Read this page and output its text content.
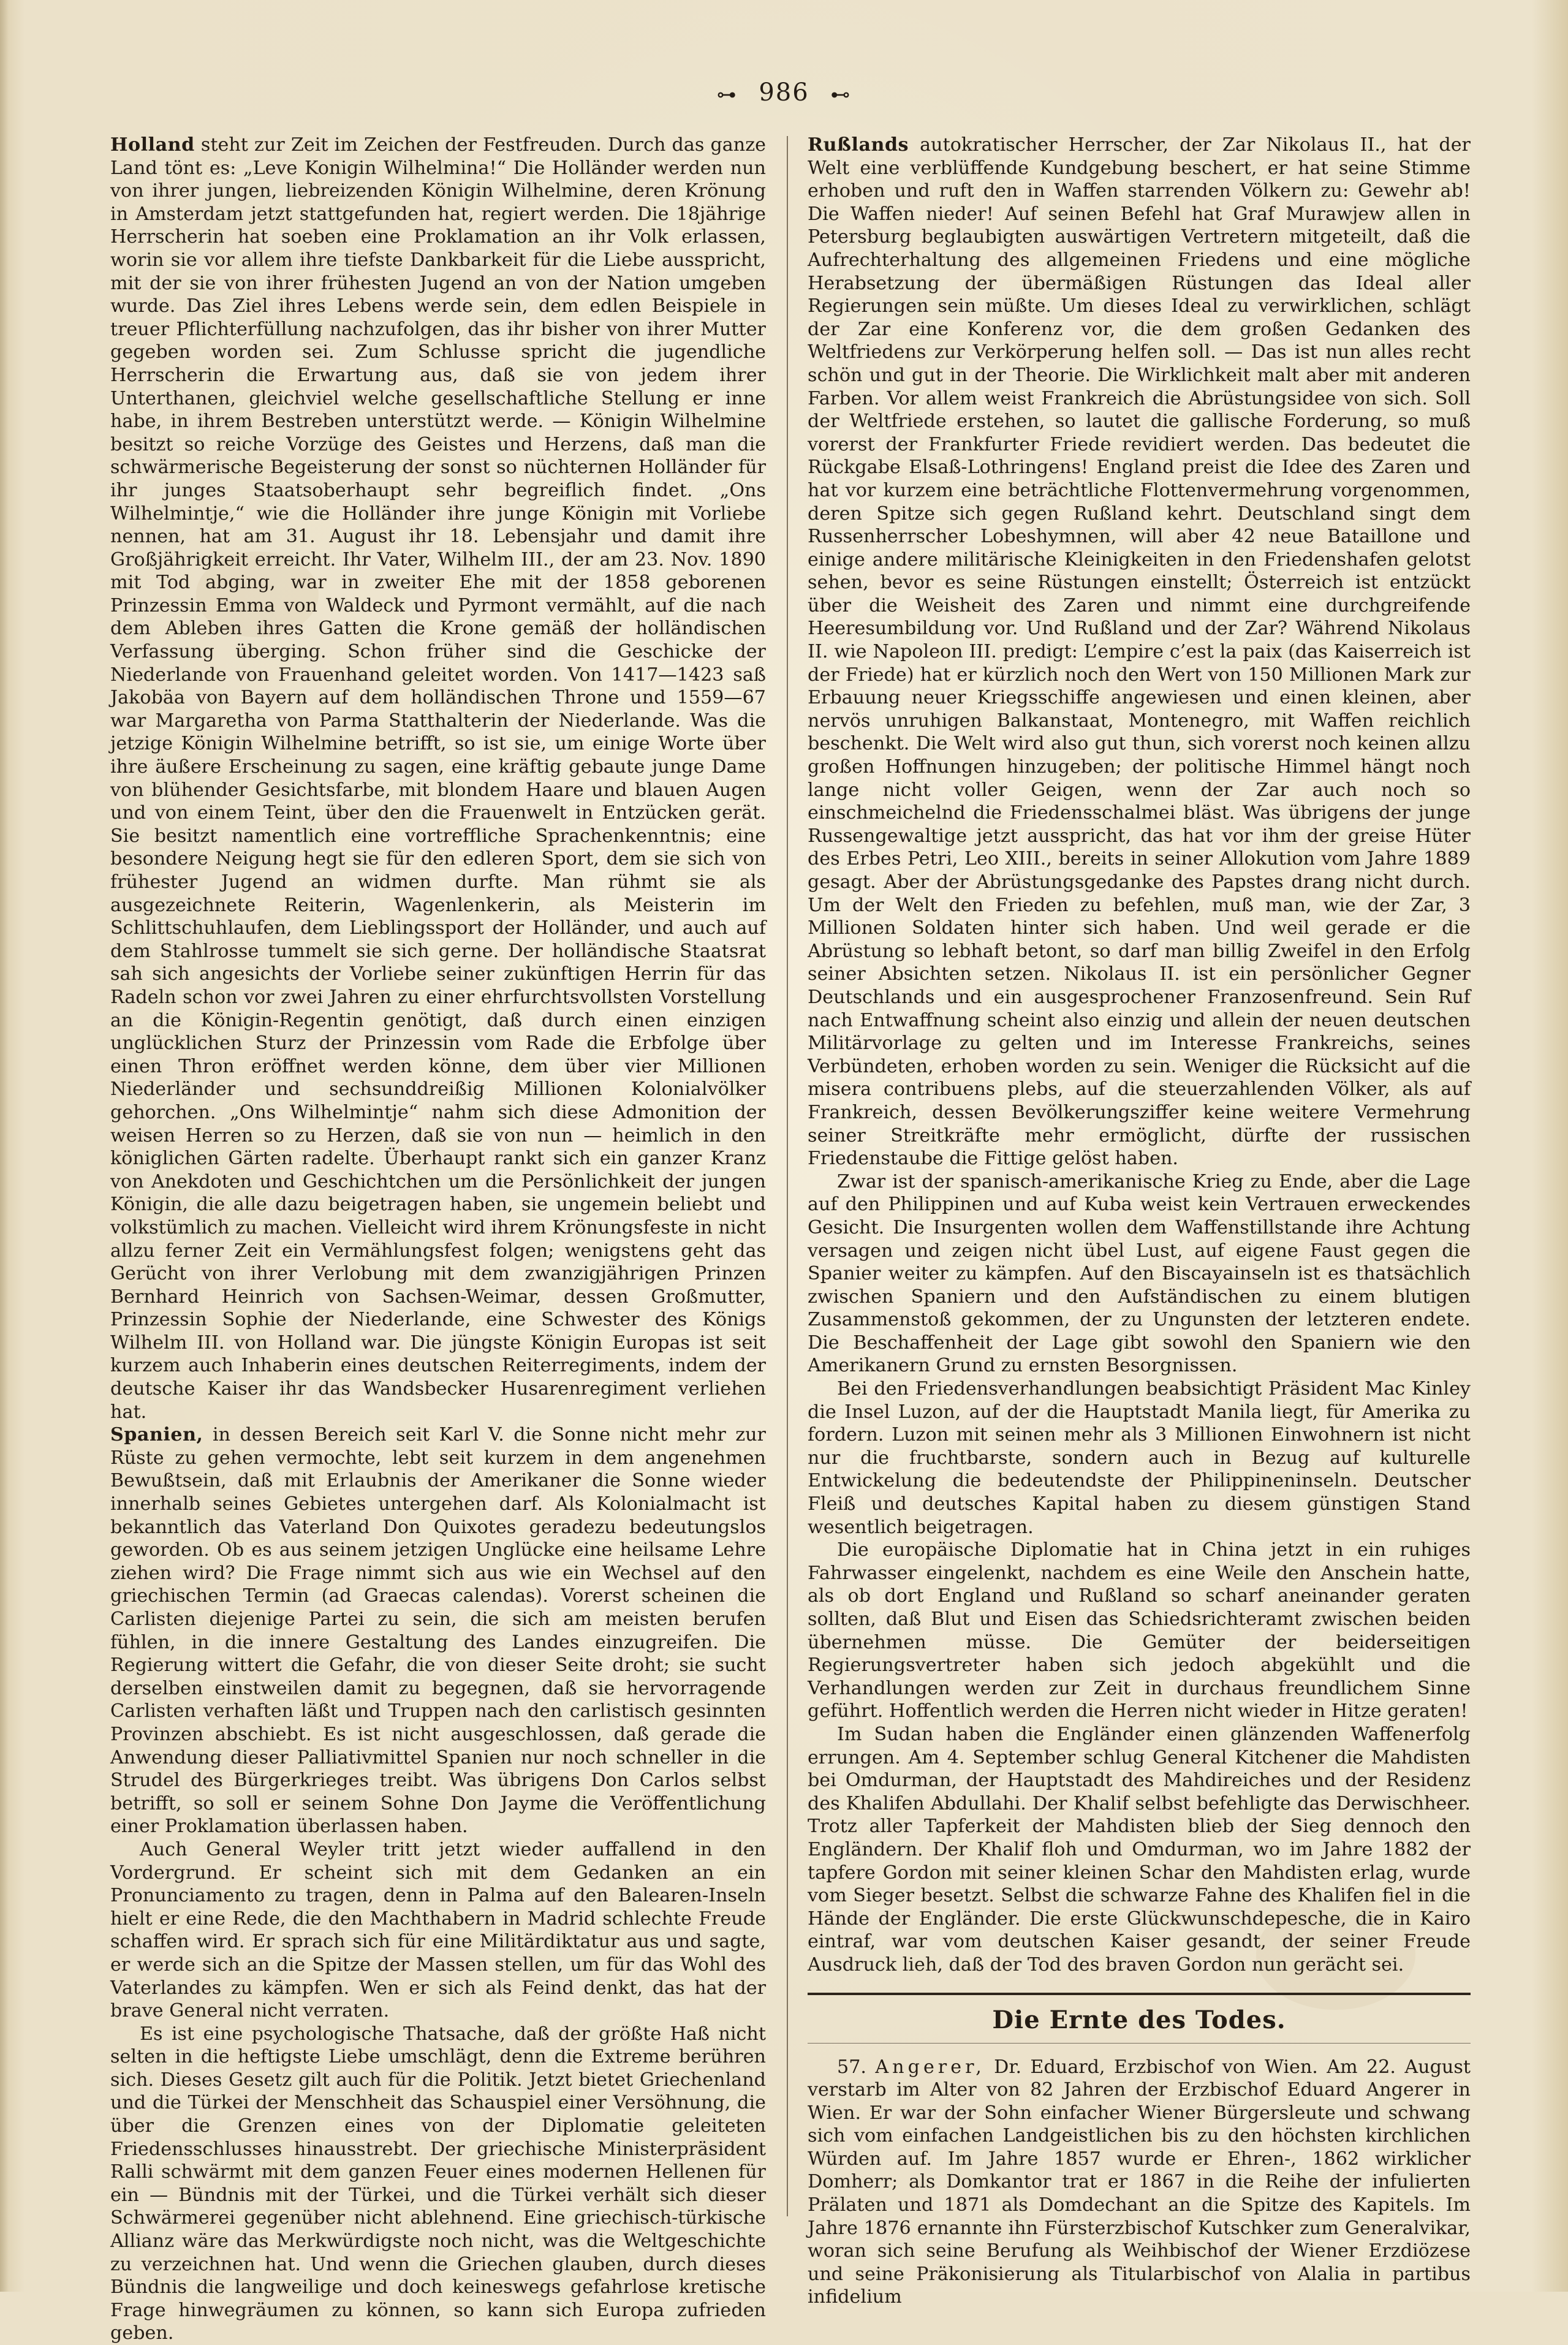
⊶ 986 ⊷

Holland steht zur Zeit im Zeichen der Festfreuden. Durch das ganze Land tönt es: „Leve Konigin Wilhelmina!“ Die Holländer werden nun von ihrer jungen, liebreizenden Königin Wilhelmine, deren Krönung in Amsterdam jetzt stattgefunden hat, regiert werden. Die 18jährige Herrscherin hat soeben eine Proklamation an ihr Volk erlassen, worin sie vor allem ihre tiefste Dankbarkeit für die Liebe ausspricht, mit der sie von ihrer frühesten Jugend an von der Nation umgeben wurde. Das Ziel ihres Lebens werde sein, dem edlen Beispiele in treuer Pflichterfüllung nachzufolgen, das ihr bisher von ihrer Mutter gegeben worden sei. Zum Schlusse spricht die jugendliche Herrscherin die Erwartung aus, daß sie von jedem ihrer Unterthanen, gleichviel welche gesellschaftliche Stellung er inne habe, in ihrem Bestreben unterstützt werde. — Königin Wilhelmine besitzt so reiche Vorzüge des Geistes und Herzens, daß man die schwärmerische Begeisterung der sonst so nüchternen Holländer für ihr junges Staatsoberhaupt sehr begreiflich findet. „Ons Wilhelmintje,“ wie die Holländer ihre junge Königin mit Vorliebe nennen, hat am 31. August ihr 18. Lebensjahr und damit ihre Großjährigkeit erreicht. Ihr Vater, Wilhelm III., der am 23. Nov. 1890 mit Tod abging, war in zweiter Ehe mit der 1858 geborenen Prinzessin Emma von Waldeck und Pyrmont vermählt, auf die nach dem Ableben ihres Gatten die Krone gemäß der holländischen Verfassung überging. Schon früher sind die Geschicke der Niederlande von Frauenhand geleitet worden. Von 1417—1423 saß Jakobäa von Bayern auf dem holländischen Throne und 1559—67 war Margaretha von Parma Statthalterin der Niederlande. Was die jetzige Königin Wilhelmine betrifft, so ist sie, um einige Worte über ihre äußere Erscheinung zu sagen, eine kräftig gebaute junge Dame von blühender Gesichtsfarbe, mit blondem Haare und blauen Augen und von einem Teint, über den die Frauenwelt in Entzücken gerät. Sie besitzt namentlich eine vortreffliche Sprachenkenntnis; eine besondere Neigung hegt sie für den edleren Sport, dem sie sich von frühester Jugend an widmen durfte. Man rühmt sie als ausgezeichnete Reiterin, Wagenlenkerin, als Meisterin im Schlittschuhlaufen, dem Lieblingssport der Holländer, und auch auf dem Stahlrosse tummelt sie sich gerne. Der holländische Staatsrat sah sich angesichts der Vorliebe seiner zukünftigen Herrin für das Radeln schon vor zwei Jahren zu einer ehrfurchtsvollsten Vorstellung an die Königin-Regentin genötigt, daß durch einen einzigen unglücklichen Sturz der Prinzessin vom Rade die Erbfolge über einen Thron eröffnet werden könne, dem über vier Millionen Niederländer und sechsunddreißig Millionen Kolonialvölker gehorchen. „Ons Wilhelmintje“ nahm sich diese Admonition der weisen Herren so zu Herzen, daß sie von nun — heimlich in den königlichen Gärten radelte. Überhaupt rankt sich ein ganzer Kranz von Anekdoten und Geschichtchen um die Persönlichkeit der jungen Königin, die alle dazu beigetragen haben, sie ungemein beliebt und volkstümlich zu machen. Vielleicht wird ihrem Krönungsfeste in nicht allzu ferner Zeit ein Vermählungsfest folgen; wenigstens geht das Gerücht von ihrer Verlobung mit dem zwanzigjährigen Prinzen Bernhard Heinrich von Sachsen-Weimar, dessen Großmutter, Prinzessin Sophie der Niederlande, eine Schwester des Königs Wilhelm III. von Holland war. Die jüngste Königin Europas ist seit kurzem auch Inhaberin eines deutschen Reiterregiments, indem der deutsche Kaiser ihr das Wandsbecker Husarenregiment verliehen hat.

Spanien, in dessen Bereich seit Karl V. die Sonne nicht mehr zur Rüste zu gehen vermochte, lebt seit kurzem in dem angenehmen Bewußtsein, daß mit Erlaubnis der Amerikaner die Sonne wieder innerhalb seines Gebietes untergehen darf. Als Kolonialmacht ist bekanntlich das Vaterland Don Quixotes geradezu bedeutungslos geworden. Ob es aus seinem jetzigen Unglücke eine heilsame Lehre ziehen wird? Die Frage nimmt sich aus wie ein Wechsel auf den griechischen Termin (ad Graecas calendas). Vorerst scheinen die Carlisten diejenige Partei zu sein, die sich am meisten berufen fühlen, in die innere Gestaltung des Landes einzugreifen. Die Regierung wittert die Gefahr, die von dieser Seite droht; sie sucht derselben einstweilen damit zu begegnen, daß sie hervorragende Carlisten verhaften läßt und Truppen nach den carlistisch gesinnten Provinzen abschiebt. Es ist nicht ausgeschlossen, daß gerade die Anwendung dieser Palliativmittel Spanien nur noch schneller in die Strudel des Bürgerkrieges treibt. Was übrigens Don Carlos selbst betrifft, so soll er seinem Sohne Don Jayme die Veröffentlichung einer Proklamation überlassen haben.

Auch General Weyler tritt jetzt wieder auffallend in den Vordergrund. Er scheint sich mit dem Gedanken an ein Pronunciamento zu tragen, denn in Palma auf den Balearen-Inseln hielt er eine Rede, die den Machthabern in Madrid schlechte Freude schaffen wird. Er sprach sich für eine Militärdiktatur aus und sagte, er werde sich an die Spitze der Massen stellen, um für das Wohl des Vaterlandes zu kämpfen. Wen er sich als Feind denkt, das hat der brave General nicht verraten.

Es ist eine psychologische Thatsache, daß der größte Haß nicht selten in die heftigste Liebe umschlägt, denn die Extreme berühren sich. Dieses Gesetz gilt auch für die Politik. Jetzt bietet Griechenland und die Türkei der Menschheit das Schauspiel einer Versöhnung, die über die Grenzen eines von der Diplomatie geleiteten Friedensschlusses hinausstrebt. Der griechische Ministerpräsident Ralli schwärmt mit dem ganzen Feuer eines modernen Hellenen für ein — Bündnis mit der Türkei, und die Türkei verhält sich dieser Schwärmerei gegenüber nicht ablehnend. Eine griechisch-türkische Allianz wäre das Merkwürdigste noch nicht, was die Weltgeschichte zu verzeichnen hat. Und wenn die Griechen glauben, durch dieses Bündnis die langweilige und doch keineswegs gefahrlose kretische Frage hinwegräumen zu können, so kann sich Europa zufrieden geben.

Rußlands autokratischer Herrscher, der Zar Nikolaus II., hat der Welt eine verblüffende Kundgebung beschert, er hat seine Stimme erhoben und ruft den in Waffen starrenden Völkern zu: Gewehr ab! Die Waffen nieder! Auf seinen Befehl hat Graf Murawjew allen in Petersburg beglaubigten auswärtigen Vertretern mitgeteilt, daß die Aufrechterhaltung des allgemeinen Friedens und eine mögliche Herabsetzung der übermäßigen Rüstungen das Ideal aller Regierungen sein müßte. Um dieses Ideal zu verwirklichen, schlägt der Zar eine Konferenz vor, die dem großen Gedanken des Weltfriedens zur Verkörperung helfen soll. — Das ist nun alles recht schön und gut in der Theorie. Die Wirklichkeit malt aber mit anderen Farben. Vor allem weist Frankreich die Abrüstungsidee von sich. Soll der Weltfriede erstehen, so lautet die gallische Forderung, so muß vorerst der Frankfurter Friede revidiert werden. Das bedeutet die Rückgabe Elsaß-Lothringens! England preist die Idee des Zaren und hat vor kurzem eine beträchtliche Flottenvermehrung vorgenommen, deren Spitze sich gegen Rußland kehrt. Deutschland singt dem Russenherrscher Lobeshymnen, will aber 42 neue Bataillone und einige andere militärische Kleinigkeiten in den Friedenshafen gelotst sehen, bevor es seine Rüstungen einstellt; Österreich ist entzückt über die Weisheit des Zaren und nimmt eine durchgreifende Heeresumbildung vor. Und Rußland und der Zar? Während Nikolaus II. wie Napoleon III. predigt: L’empire c’est la paix (das Kaiserreich ist der Friede) hat er kürzlich noch den Wert von 150 Millionen Mark zur Erbauung neuer Kriegsschiffe angewiesen und einen kleinen, aber nervös unruhigen Balkanstaat, Montenegro, mit Waffen reichlich beschenkt. Die Welt wird also gut thun, sich vorerst noch keinen allzu großen Hoffnungen hinzugeben; der politische Himmel hängt noch lange nicht voller Geigen, wenn der Zar auch noch so einschmeichelnd die Friedensschalmei bläst. Was übrigens der junge Russengewaltige jetzt ausspricht, das hat vor ihm der greise Hüter des Erbes Petri, Leo XIII., bereits in seiner Allokution vom Jahre 1889 gesagt. Aber der Abrüstungsgedanke des Papstes drang nicht durch. Um der Welt den Frieden zu befehlen, muß man, wie der Zar, 3 Millionen Soldaten hinter sich haben. Und weil gerade er die Abrüstung so lebhaft betont, so darf man billig Zweifel in den Erfolg seiner Absichten setzen. Nikolaus II. ist ein persönlicher Gegner Deutschlands und ein ausgesprochener Franzosenfreund. Sein Ruf nach Entwaffnung scheint also einzig und allein der neuen deutschen Militärvorlage zu gelten und im Interesse Frankreichs, seines Verbündeten, erhoben worden zu sein. Weniger die Rücksicht auf die misera contribuens plebs, auf die steuerzahlenden Völker, als auf Frankreich, dessen Bevölkerungsziffer keine weitere Vermehrung seiner Streitkräfte mehr ermöglicht, dürfte der russischen Friedenstaube die Fittige gelöst haben.

Zwar ist der spanisch-amerikanische Krieg zu Ende, aber die Lage auf den Philippinen und auf Kuba weist kein Vertrauen erweckendes Gesicht. Die Insurgenten wollen dem Waffenstillstande ihre Achtung versagen und zeigen nicht übel Lust, auf eigene Faust gegen die Spanier weiter zu kämpfen. Auf den Biscayainseln ist es thatsächlich zwischen Spaniern und den Aufständischen zu einem blutigen Zusammenstoß gekommen, der zu Ungunsten der letzteren endete. Die Beschaffenheit der Lage gibt sowohl den Spaniern wie den Amerikanern Grund zu ernsten Besorgnissen.

Bei den Friedensverhandlungen beabsichtigt Präsident Mac Kinley die Insel Luzon, auf der die Hauptstadt Manila liegt, für Amerika zu fordern. Luzon mit seinen mehr als 3 Millionen Einwohnern ist nicht nur die fruchtbarste, sondern auch in Bezug auf kulturelle Entwickelung die bedeutendste der Philippineninseln. Deutscher Fleiß und deutsches Kapital haben zu diesem günstigen Stand wesentlich beigetragen.

Die europäische Diplomatie hat in China jetzt in ein ruhiges Fahrwasser eingelenkt, nachdem es eine Weile den Anschein hatte, als ob dort England und Rußland so scharf aneinander geraten sollten, daß Blut und Eisen das Schiedsrichteramt zwischen beiden übernehmen müsse. Die Gemüter der beiderseitigen Regierungsvertreter haben sich jedoch abgekühlt und die Verhandlungen werden zur Zeit in durchaus freundlichem Sinne geführt. Hoffentlich werden die Herren nicht wieder in Hitze geraten!

Im Sudan haben die Engländer einen glänzenden Waffenerfolg errungen. Am 4. September schlug General Kitchener die Mahdisten bei Omdurman, der Hauptstadt des Mahdireiches und der Residenz des Khalifen Abdullahi. Der Khalif selbst befehligte das Derwischheer. Trotz aller Tapferkeit der Mahdisten blieb der Sieg dennoch den Engländern. Der Khalif floh und Omdurman, wo im Jahre 1882 der tapfere Gordon mit seiner kleinen Schar den Mahdisten erlag, wurde vom Sieger besetzt. Selbst die schwarze Fahne des Khalifen fiel in die Hände der Engländer. Die erste Glückwunschdepesche, die in Kairo eintraf, war vom deutschen Kaiser gesandt, der seiner Freude Ausdruck lieh, daß der Tod des braven Gordon nun gerächt sei.

Die Ernte des Todes.

57. Angerer, Dr. Eduard, Erzbischof von Wien. Am 22. August verstarb im Alter von 82 Jahren der Erzbischof Eduard Angerer in Wien. Er war der Sohn einfacher Wiener Bürgersleute und schwang sich vom einfachen Landgeistlichen bis zu den höchsten kirchlichen Würden auf. Im Jahre 1857 wurde er Ehren-, 1862 wirklicher Domherr; als Domkantor trat er 1867 in die Reihe der infulierten Prälaten und 1871 als Domdechant an die Spitze des Kapitels. Im Jahre 1876 ernannte ihn Fürsterzbischof Kutschker zum Generalvikar, woran sich seine Berufung als Weihbischof der Wiener Erzdiözese und seine Präkonisierung als Titularbischof von Alalia in partibus infidelium
